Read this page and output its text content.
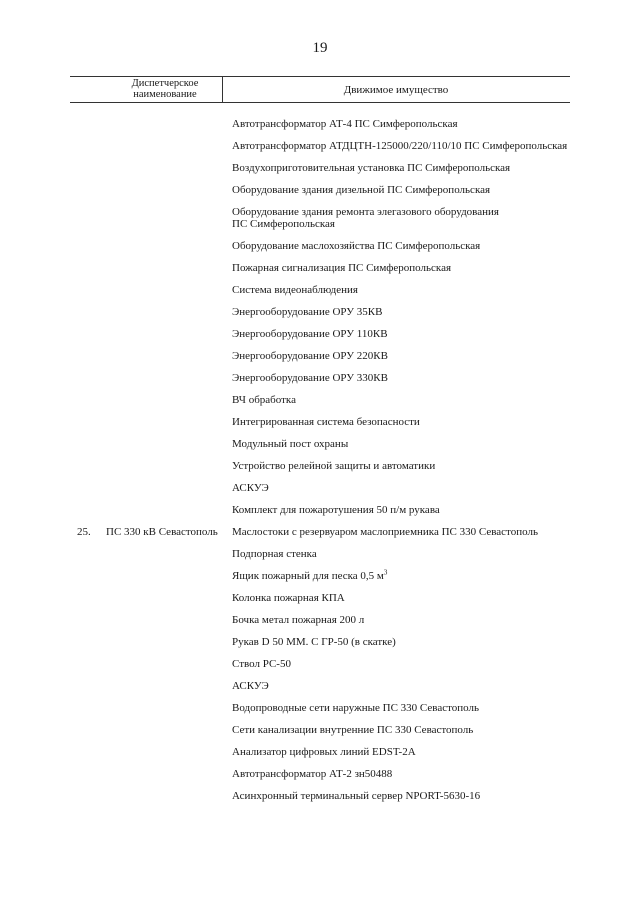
19
Диспетчерское
наименование	Движимое имущество
Автотрансформатор АТ-4 ПС Симферопольская
Автотрансформатор АТДЦТН-125000/220/110/10 ПС Симферопольская
Воздухоприготовительная установка ПС Симферопольская
Оборудование здания дизельной ПС Симферопольская
Оборудование здания ремонта элегазового оборудования
ПС Симферопольская
Оборудование маслохозяйства ПС Симферопольская
Пожарная сигнализация ПС Симферопольская
Система видеонаблюдения
Энергооборудование ОРУ 35КВ
Энергооборудование ОРУ 110КВ
Энергооборудование ОРУ 220КВ
Энергооборудование ОРУ 330КВ
ВЧ обработка
Интегрированная система безопасности
Модульный пост охраны
Устройство релейной защиты и автоматики
АСКУЭ
Комплект для пожаротушения 50 п/м рукава
25. ПС 330 кВ Севастополь Маслостоки с резервуаром маслоприемника ПС 330 Севастополь
Подпорная стенка
Ящик пожарный для песка 0,5 $м^3$
Колонка пожарная КПА
Бочка метал пожарная 200 л
Рукав D 50 ММ. С ГР-50 (в скатке)
Ствол РС-50
АСКУЭ
Водопроводные сети наружные ПС 330 Севастополь
Сети канализации внутренние ПС 330 Севастополь
Анализатор цифровых линий EDST-2A
Автотрансформатор АТ-2 зн50488
Асинхронный терминальный сервер NPORT-5630-16
